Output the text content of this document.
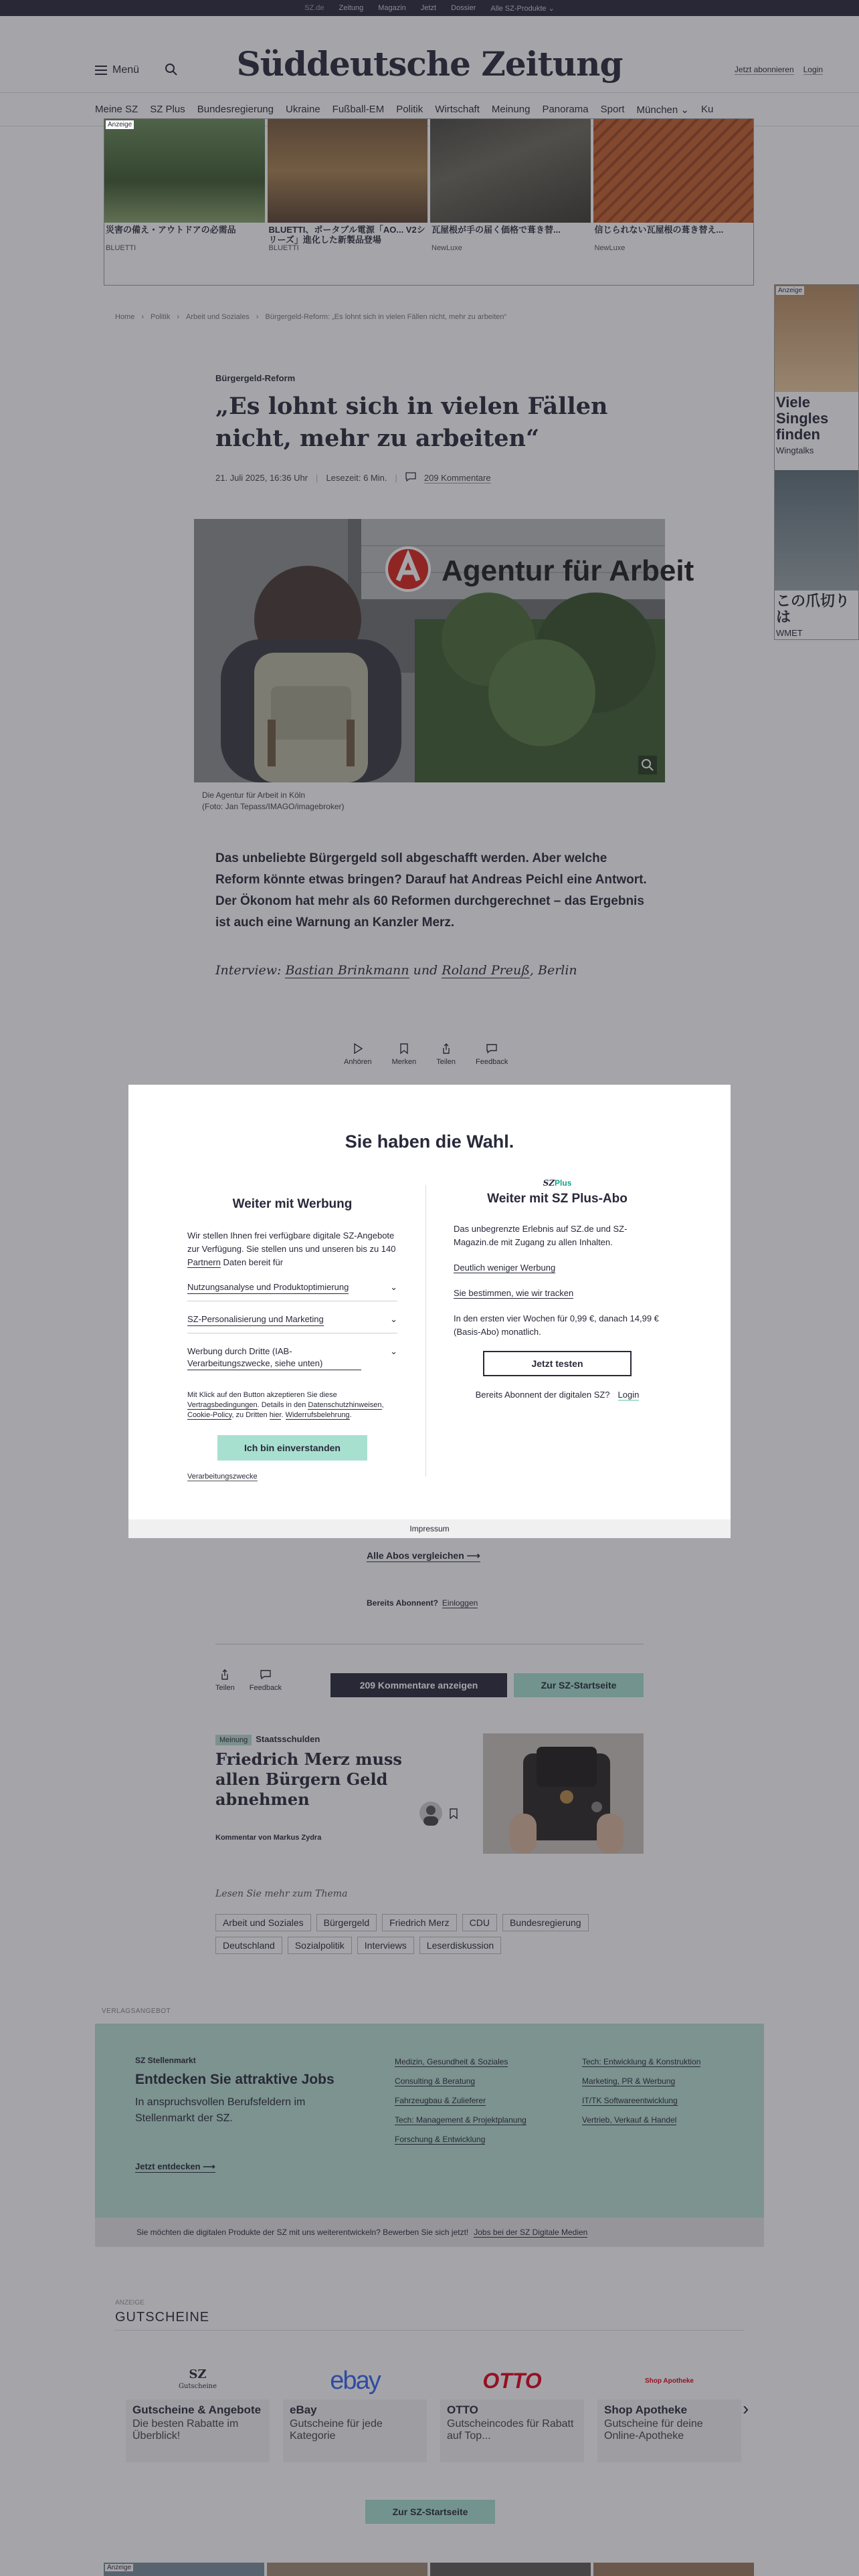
SZ.de Zeitung Magazin Jetzt Dossier Alle SZ-Produkte ⌄
Menü	Süddeutsche Zeitung	Jetzt abonnieren Login
Meine SZ SZ Plus Bundesregierung Ukraine Fußball-EM Politik Wirtschaft Meinung Panorama Sport München ⌄ Ku
Anzeige
災害の備え・アウトドアの必需品
BLUETTI
BLUETTI、ポータブル電源「AO... V2シリーズ」進化した新製品登場
BLUETTI
瓦屋根が手の届く価格で葺き替...
NewLuxe
信じられない瓦屋根の葺き替え...
NewLuxe
Anzeige
Viele Singles finden
Wingtalks
この爪切りは
WMET
Home › Politik › Arbeit und Soziales › Bürgergeld-Reform: „Es lohnt sich in vielen Fällen nicht, mehr zu arbeiten“
Bürgergeld-Reform
„Es lohnt sich in vielen Fällen nicht, mehr zu arbeiten“
21. Juli 2025, 16:36 Uhr | Lesezeit: 6 Min. |	209 Kommentare
Agentur für Arbeit
Die Agentur für Arbeit in Köln
(Foto: Jan Tepass/IMAGO/imagebroker)

Das unbeliebte Bürgergeld soll abgeschafft werden. Aber welche Reform könnte etwas bringen? Darauf hat Andreas Peichl eine Antwort. Der Ökonom hat mehr als 60 Reformen durchgerechnet – das Ergebnis ist auch eine Warnung an Kanzler Merz.

Interview: Bastian Brinkmann und Roland Preuß, Berlin
Anhören	Merken	Teilen	Feedback
Alle Abos vergleichen ⟶
Bereits Abonnent? Einloggen
Teilen Feedback	209 Kommentare anzeigen	Zur SZ-Startseite
Meinung Staatsschulden
Friedrich Merz muss allen Bürgern Geld abnehmen
Kommentar von Markus Zydra
Lesen Sie mehr zum Thema
Arbeit und Soziales	Bürgergeld	Friedrich Merz	CDU	Bundesregierung
Deutschland	Sozialpolitik	Interviews	Leserdiskussion
VERLAGSANGEBOT
SZ Stellenmarkt
Entdecken Sie attraktive Jobs
In anspruchsvollen Berufsfeldern im Stellenmarkt der SZ.
Jetzt entdecken ⟶
Medizin, Gesundheit & Soziales	Tech: Entwicklung & Konstruktion
Consulting & Beratung	Marketing, PR & Werbung
Fahrzeugbau & Zulieferer	IT/TK Softwareentwicklung
Tech: Management & Projektplanung	Vertrieb, Verkauf & Handel
Forschung & Entwicklung
Sie möchten die digitalen Produkte der SZ mit uns weiterentwickeln? Bewerben Sie sich jetzt! Jobs bei der SZ Digitale Medien
ANZEIGE
GUTSCHEINE
SZ
Gutscheine
Gutscheine & Angebote
Die besten Rabatte im Überblick!
ebay
eBay
Gutscheine für jede Kategorie
OTTO
OTTO
Gutscheincodes für Rabatt auf Top...
Shop Apotheke
Shop Apotheke
Gutscheine für deine Online-Apotheke
›
Zur SZ-Startseite
Anzeige
Sie haben die Wahl.
Weiter mit Werbung

Wir stellen Ihnen frei verfügbare digitale SZ-Angebote zur Verfügung. Sie stellen uns und unseren bis zu 140 Partnern Daten bereit für

Nutzungsanalyse und Produktoptimierung	⌄
SZ-Personalisierung und Marketing	⌄
Werbung durch Dritte (IAB-Verarbeitungszwecke, siehe unten)
⌄

Mit Klick auf den Button akzeptieren Sie diese Vertragsbedingungen. Details in den Datenschutzhinweisen, Cookie-Policy, zu Dritten hier. Widerrufsbelehrung.

Ich bin einverstanden
Verarbeitungszwecke
SZPlus
Weiter mit SZ Plus-Abo

Das unbegrenzte Erlebnis auf SZ.de und SZ-Magazin.de mit Zugang zu allen Inhalten.

Deutlich weniger Werbung

Sie bestimmen, wie wir tracken

In den ersten vier Wochen für 0,99 €, danach 14,99 € (Basis-Abo) monatlich.

Jetzt testen
Bereits Abonnent der digitalen SZ? Login
Impressum
